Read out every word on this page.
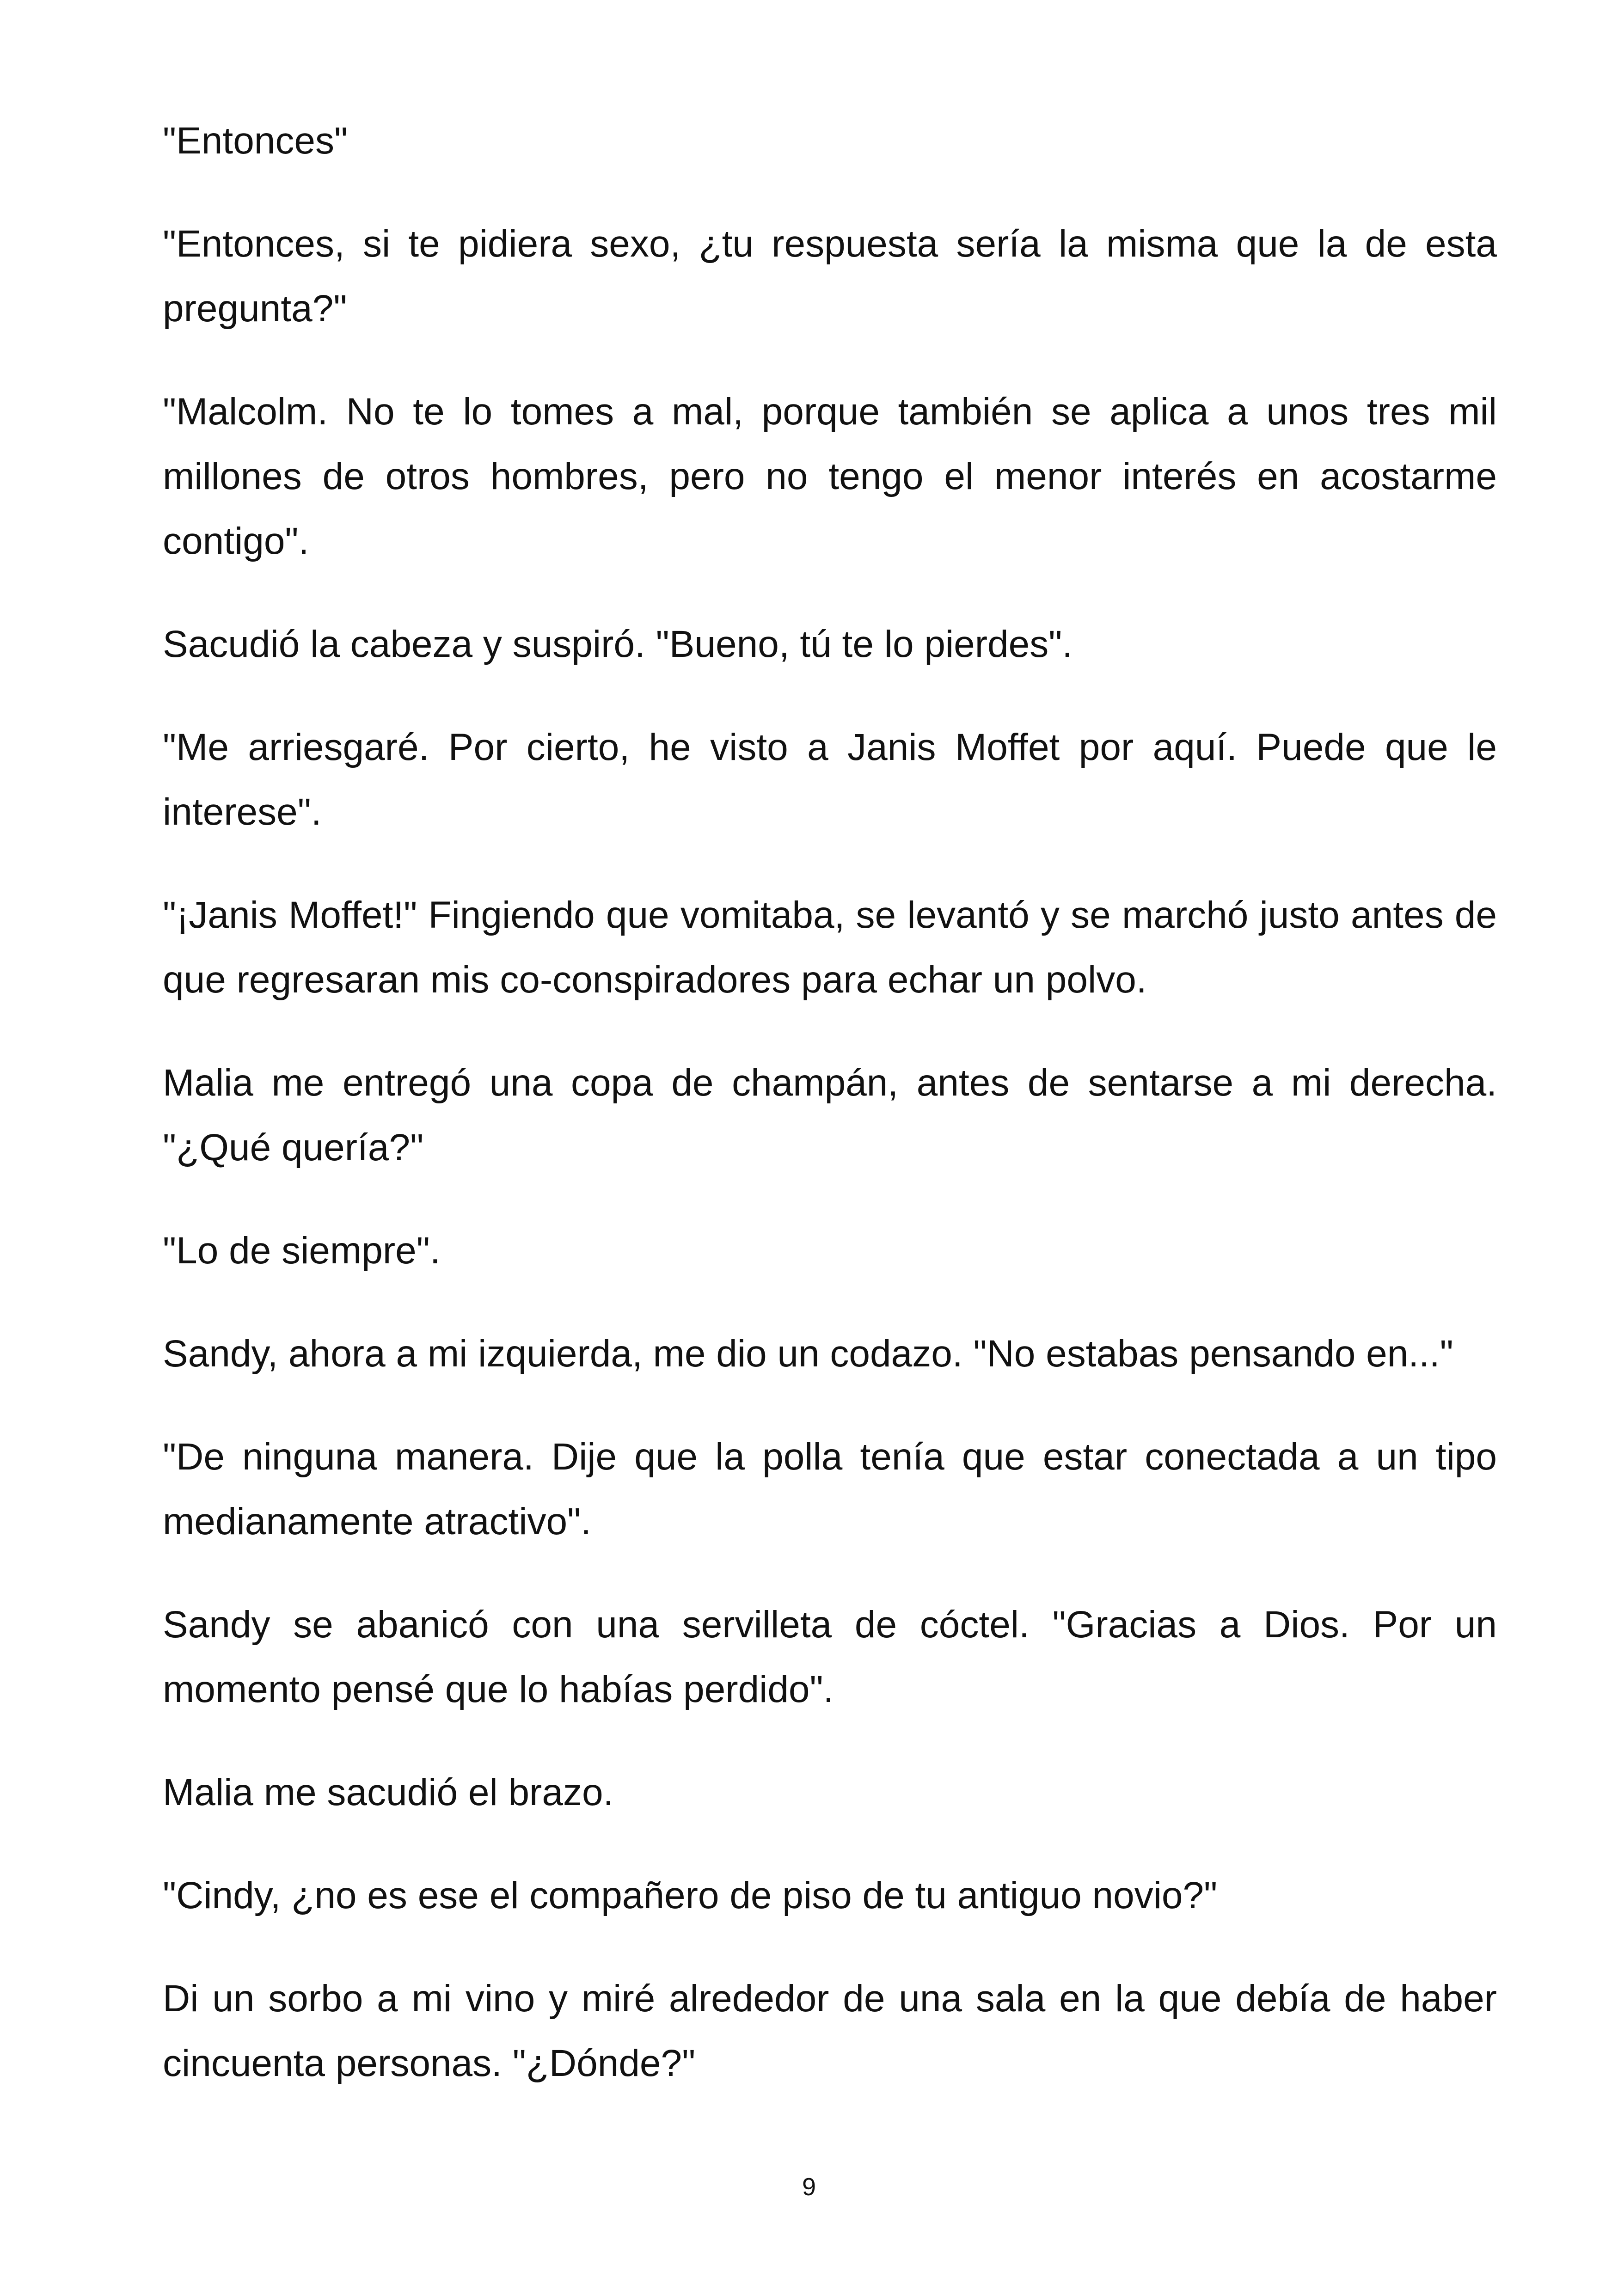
"Entonces"

"Entonces, si te pidiera sexo, ¿tu respuesta sería la misma que la de esta pregunta?"

"Malcolm. No te lo tomes a mal, porque también se aplica a unos tres mil millones de otros hombres, pero no tengo el menor interés en acostarme contigo".

Sacudió la cabeza y suspiró. "Bueno, tú te lo pierdes".

"Me arriesgaré. Por cierto, he visto a Janis Moffet por aquí. Puede que le interese".

"¡Janis Moffet!" Fingiendo que vomitaba, se levantó y se marchó justo antes de que regresaran mis co-conspiradores para echar un polvo.

Malia me entregó una copa de champán, antes de sentarse a mi derecha. "¿Qué quería?"

"Lo de siempre".

Sandy, ahora a mi izquierda, me dio un codazo. "No estabas pensando en..."

"De ninguna manera. Dije que la polla tenía que estar conectada a un tipo medianamente atractivo".

Sandy se abanicó con una servilleta de cóctel. "Gracias a Dios. Por un momento pensé que lo habías perdido".

Malia me sacudió el brazo.

"Cindy, ¿no es ese el compañero de piso de tu antiguo novio?"

Di un sorbo a mi vino y miré alrededor de una sala en la que debía de haber cincuenta personas. "¿Dónde?"

9
